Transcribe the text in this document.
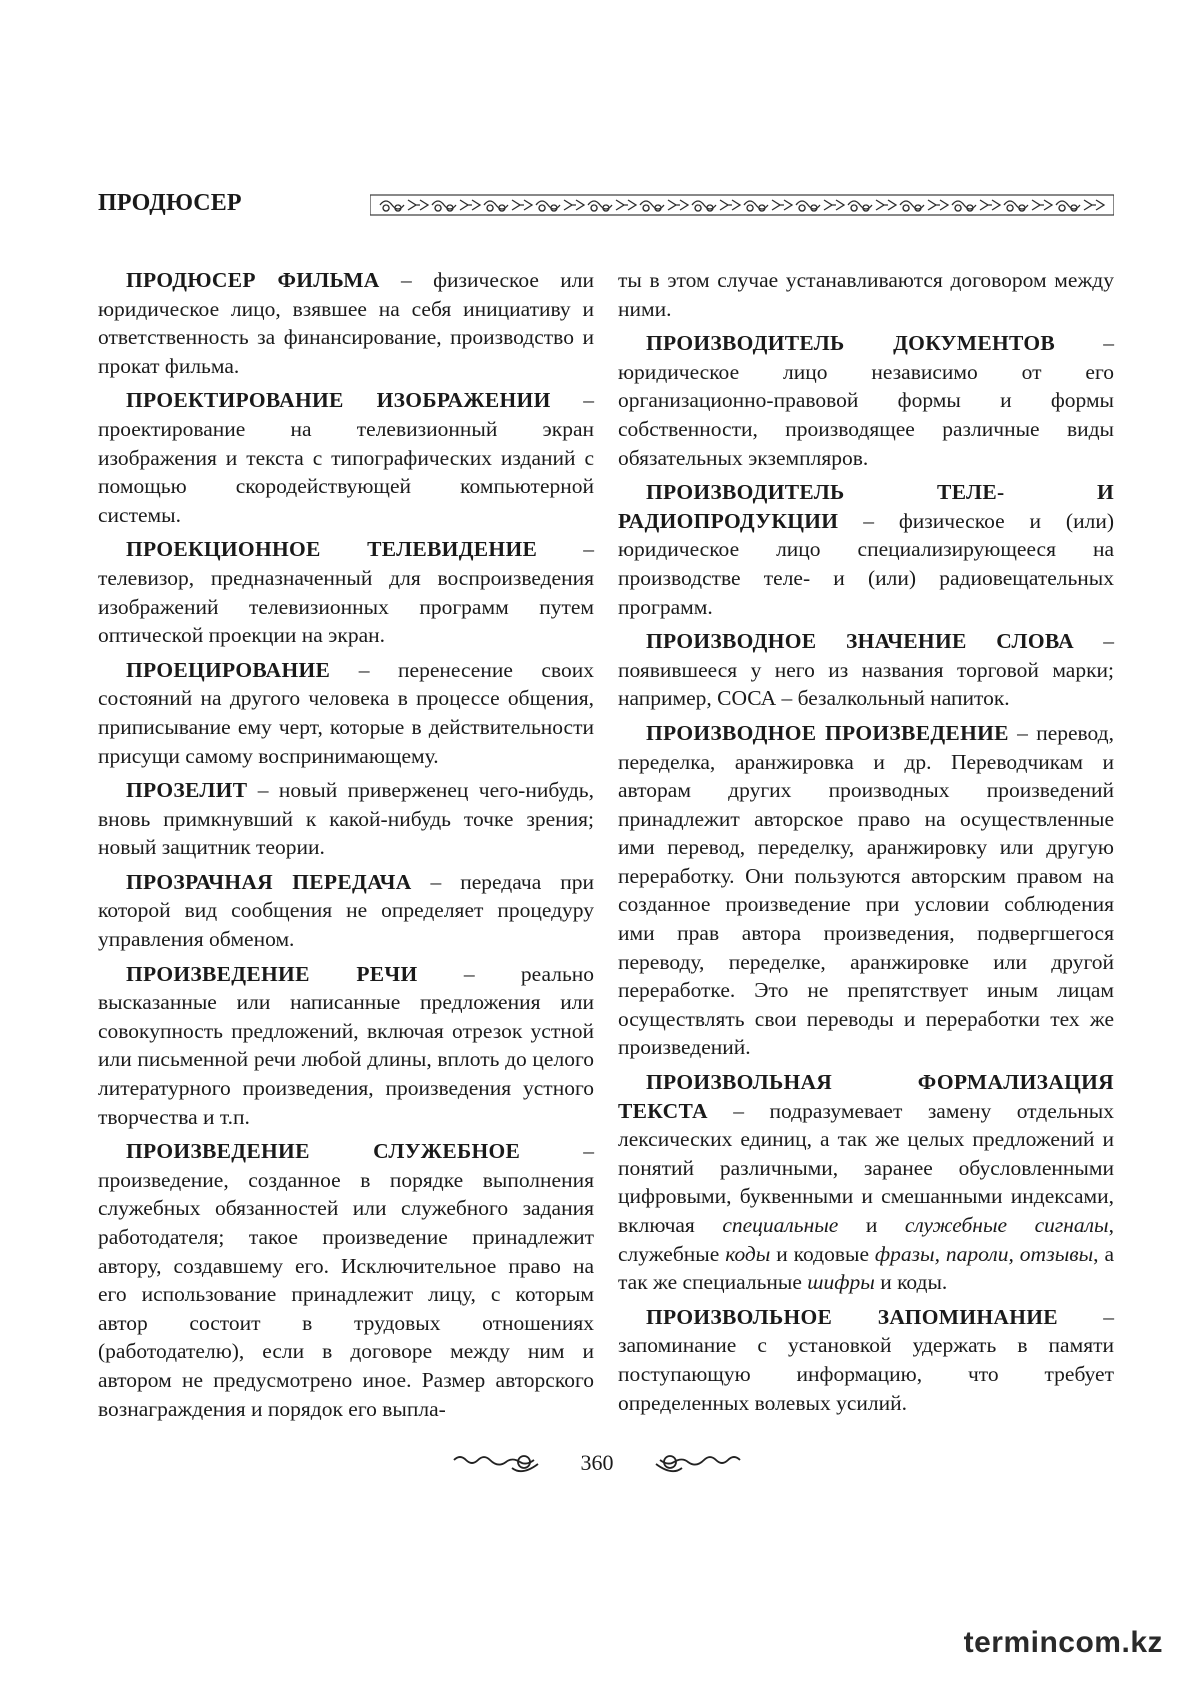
ПРОДЮСЕР

ПРОДЮСЕР ФИЛЬМА – физическое или юридическое лицо, взявшее на себя инициативу и ответственность за финансирование, производство и прокат фильма.

ПРОЕКТИРОВАНИЕ ИЗОБРАЖЕНИИ – проектирование на телевизионный экран изображения и текста с типографических изданий с помощью скородействующей компьютерной системы.

ПРОЕКЦИОННОЕ ТЕЛЕВИДЕНИЕ – телевизор, предназначенный для воспроизведения изображений телевизионных программ путем оптической проекции на экран.

ПРОЕЦИРОВАНИЕ – перенесение своих состояний на другого человека в процессе общения, приписывание ему черт, которые в действительности присущи самому воспринимающему.

ПРОЗЕЛИТ – новый приверженец чего-нибудь, вновь примкнувший к какой-нибудь точке зрения; новый защитник теории.

ПРОЗРАЧНАЯ ПЕРЕДАЧА – передача при которой вид сообщения не определяет процедуру управления обменом.

ПРОИЗВЕДЕНИЕ РЕЧИ – реально высказанные или написанные предложения или совокупность предложений, включая отрезок устной или письменной речи любой длины, вплоть до целого литературного произведения, произведения устного творчества и т.п.

ПРОИЗВЕДЕНИЕ СЛУЖЕБНОЕ – произведение, созданное в порядке выполнения служебных обязанностей или служебного задания работодателя; такое произведение принадлежит автору, создавшему его. Исключительное право на его использование принадлежит лицу, с которым автор состоит в трудовых отношениях (работодателю), если в договоре между ним и автором не предусмотрено иное. Размер авторского вознаграждения и порядок его выпла-

ты в этом случае устанавливаются договором между ними.

ПРОИЗВОДИТЕЛЬ ДОКУМЕНТОВ – юридическое лицо независимо от его организационно-правовой формы и формы собственности, производящее различные виды обязательных экземпляров.

ПРОИЗВОДИТЕЛЬ ТЕЛЕ- И РАДИОПРОДУКЦИИ – физическое и (или) юридическое лицо специализирующееся на производстве теле- и (или) радиовещательных программ.

ПРОИЗВОДНОЕ ЗНАЧЕНИЕ СЛОВА – появившееся у него из названия торговой марки; например, СОСА – безалкольный напиток.

ПРОИЗВОДНОЕ ПРОИЗВЕДЕНИЕ – перевод, переделка, аранжировка и др. Переводчикам и авторам других производных произведений принадлежит авторское право на осуществленные ими перевод, переделку, аранжировку или другую переработку. Они пользуются авторским правом на созданное произведение при условии соблюдения ими прав автора произведения, подвергшегося переводу, переделке, аранжировке или другой переработке. Это не препятствует иным лицам осуществлять свои переводы и переработки тех же произведений.

ПРОИЗВОЛЬНАЯ ФОРМАЛИЗАЦИЯ ТЕКСТА – подразумевает замену отдельных лексических единиц, а так же целых предложений и понятий различными, заранее обусловленными цифровыми, буквенными и смешанными индексами, включая специальные и служебные сигналы, служебные коды и кодовые фразы, пароли, отзывы, а так же специальные шифры и коды.

ПРОИЗВОЛЬНОЕ ЗАПОМИНАНИЕ – запоминание с установкой удержать в памяти поступающую информацию, что требует определенных волевых усилий.

360
termincom.kz
